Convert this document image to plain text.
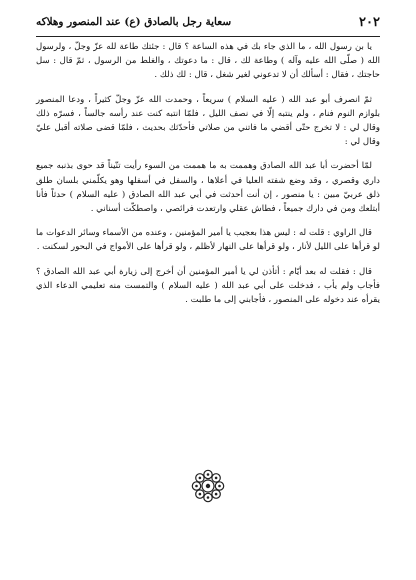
٢٠٢
سعاية رجل بالصادق (ع) عند المنصور وهلاكه

يا بن رسول الله ، ما الذي جاء بك في هذه الساعة ؟ قال : جئتك طاعة لله عزّ وجلّ ، ولرسول الله ( صلّى الله عليه وآله ) وطاعة لك ، قال : ما دعوتك ، والغلط من الرسول ، ثمّ قال : سل حاجتك ، فقال : أسألك أن لا تدعوني لغير شغل ، قال : لك ذلك .

ثمّ انصرف أبو عبد الله ( عليه السلام ) سريعاً ، وحمدت الله عزّ وجلّ كثيراً ، ودعا المنصور بلوازم النوم فنام ، ولم ينتبه إلّا في نصف الليل ، فلمّا انتبه كنت عند رأسه جالساً ، فسرّه ذلك وقال لي : لا تخرج حتّى أقضي ما فاتني من صلاتي فأحدّثك بحديث ، فلمّا قضى صلاته أقبل عليّ وقال لي :

لمّا أحضرت أبا عبد الله الصادق وهممت به ما هممت من السوء رأيت تنّيناً قد حوى بذنبه جميع داري وقصري ، وقد وضع شفته العليا في أعلاها ، والسفل في أسفلها وهو يكلّمني بلسان طلق ذلق عربيّ مبين : يا منصور ، إن أنت أحدثت في أبي عبد الله الصادق ( عليه السلام ) حدثاً فأنا أبتلعك ومن في دارك جميعاً ، فطاش عقلي وارتعدت فرائصي ، واصطكّت أسناني .

قال الراوي : قلت له : ليس هذا بعجيب يا أمير المؤمنين ، وعنده من الأسماء وسائر الدعوات ما لو قرأها على الليل لأنار ، ولو قرأها على النهار لأظلم ، ولو قرأها على الأمواج في البحور لسكنت .

قال : فقلت له بعد أيّام : أتأذن لي يا أمير المؤمنين أن أخرج إلى زيارة أبي عبد الله الصادق ؟ فأجاب ولم يأب ، فدخلت على أبي عبد الله ( عليه السلام ) والتمست منه تعليمي الدعاء الذي يقرأه عند دخوله على المنصور ، فأجابني إلى ما طلبت .
